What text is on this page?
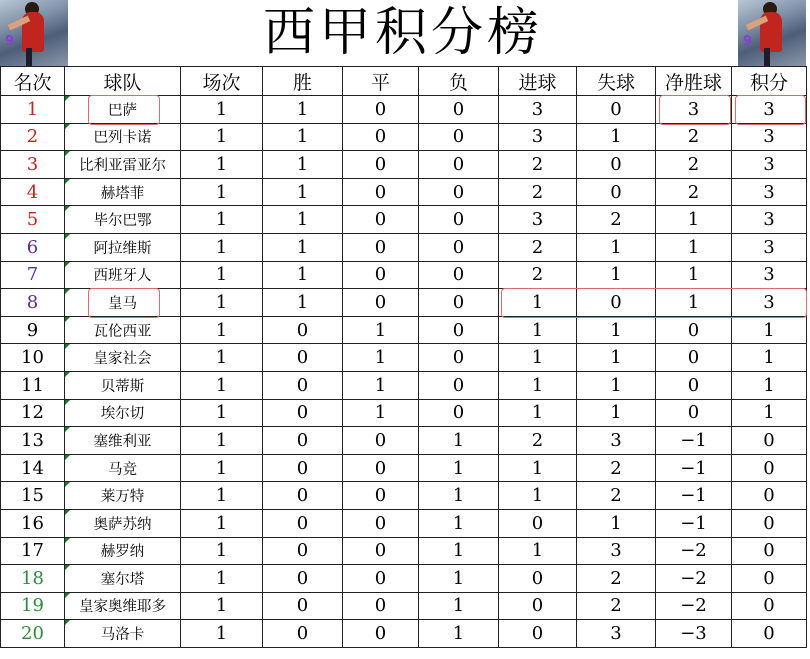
9	西甲积分榜	9
名次	球队	场次	胜	平	负	进球	失球	净胜球	积分
1	巴萨	1	1	0	0	3	0	3	3
2	巴列卡诺	1	1	0	0	3	1	2	3
3	比利亚雷亚尔	1	1	0	0	2	0	2	3
4	赫塔菲	1	1	0	0	2	0	2	3
5	毕尔巴鄂	1	1	0	0	3	2	1	3
6	阿拉维斯	1	1	0	0	2	1	1	3
7	西班牙人	1	1	0	0	2	1	1	3
8	皇马	1	1	0	0	1	0	1	3
9	瓦伦西亚	1	0	1	0	1	1	0	1
10	皇家社会	1	0	1	0	1	1	0	1
11	贝蒂斯	1	0	1	0	1	1	0	1
12	埃尔切	1	0	1	0	1	1	0	1
13	塞维利亚	1	0	0	1	2	3	−1	0
14	马竞	1	0	0	1	1	2	−1	0
15	莱万特	1	0	0	1	1	2	−1	0
16	奥萨苏纳	1	0	0	1	0	1	−1	0
17	赫罗纳	1	0	0	1	1	3	−2	0
18	塞尔塔	1	0	0	1	0	2	−2	0
19	皇家奥维耶多	1	0	0	1	0	2	−2	0
20	马洛卡	1	0	0	1	0	3	−3	0
